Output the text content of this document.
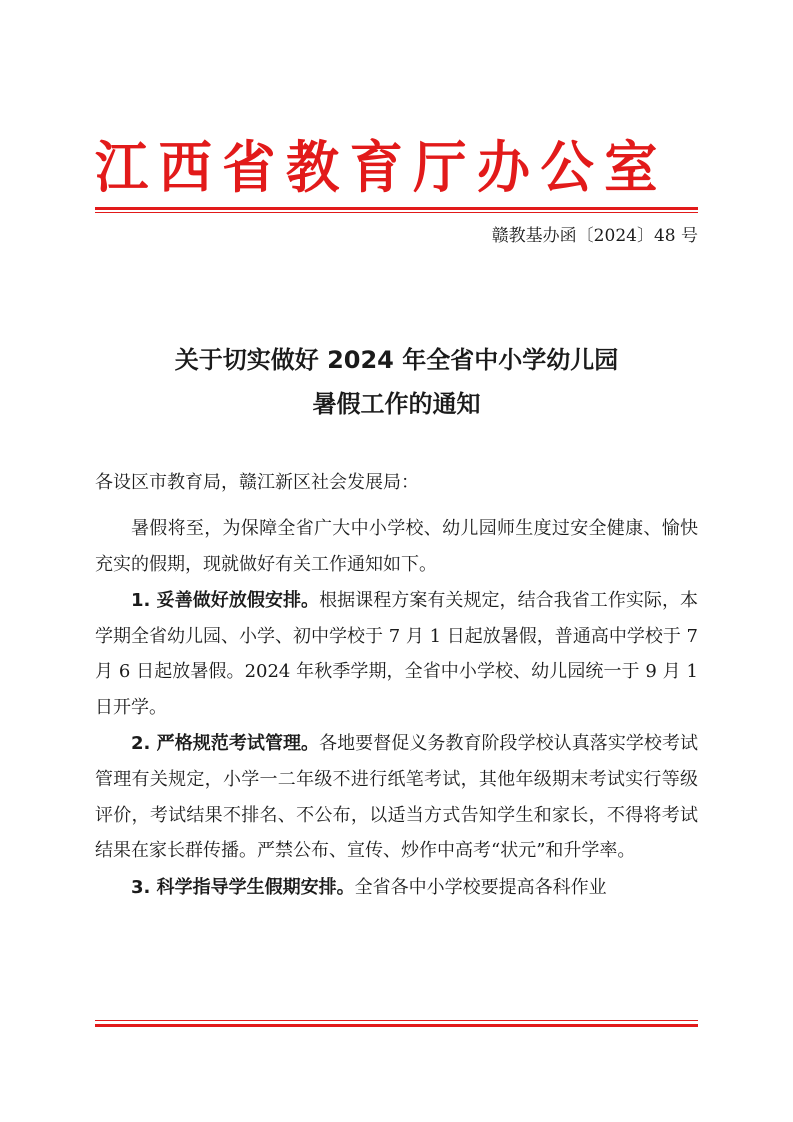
江西省教育厅办公室
赣教基办函〔2024〕48 号
关于切实做好 2024 年全省中小学幼儿园
暑假工作的通知
各设区市教育局，赣江新区社会发展局：

暑假将至，为保障全省广大中小学校、幼儿园师生度过安全健康、愉快充实的假期，现就做好有关工作通知如下。

1. 妥善做好放假安排。根据课程方案有关规定，结合我省工作实际，本学期全省幼儿园、小学、初中学校于 7 月 1 日起放暑假，普通高中学校于 7 月 6 日起放暑假。2024 年秋季学期，全省中小学校、幼儿园统一于 9 月 1 日开学。

2. 严格规范考试管理。各地要督促义务教育阶段学校认真落实学校考试管理有关规定，小学一二年级不进行纸笔考试，其他年级期末考试实行等级评价，考试结果不排名、不公布，以适当方式告知学生和家长，不得将考试结果在家长群传播。严禁公布、宣传、炒作中高考“状元”和升学率。

3. 科学指导学生假期安排。全省各中小学校要提高各科作业
